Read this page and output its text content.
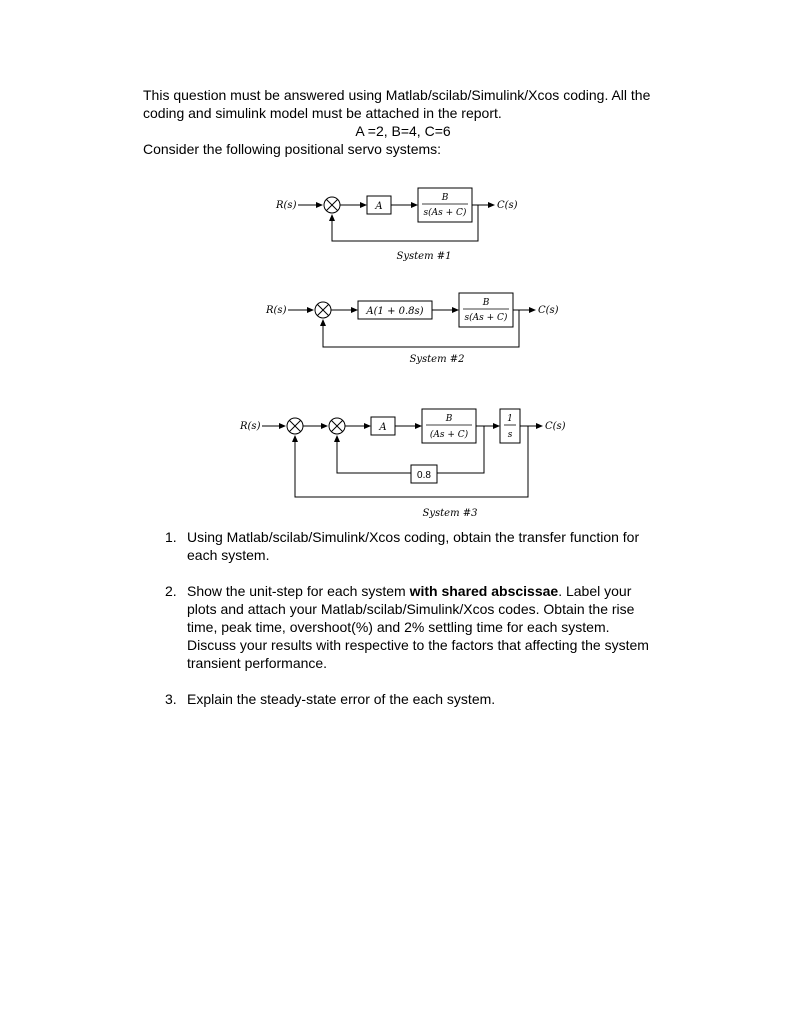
This question must be answered using Matlab/scilab/Simulink/Xcos coding. All the coding and simulink model must be attached in the report.

A =2, B=4, C=6

Consider the following positional servo systems:

R(s)	A
B
s(As + C)
C(s)
System #1
R(s)	A(1 + 0.8s)
B
s(As + C)
C(s)
System #2
R(s)	A
B
(As + C)
1
s
C(s)
0.8
System #3
1. Using Matlab/scilab/Simulink/Xcos coding, obtain the transfer function for each system.
2. Show the unit-step for each system with shared abscissae. Label your plots and attach your Matlab/scilab/Simulink/Xcos codes. Obtain the rise time, peak time, overshoot(%) and 2% settling time for each system. Discuss your results with respective to the factors that affecting the system transient performance.
3. Explain the steady-state error of the each system.
